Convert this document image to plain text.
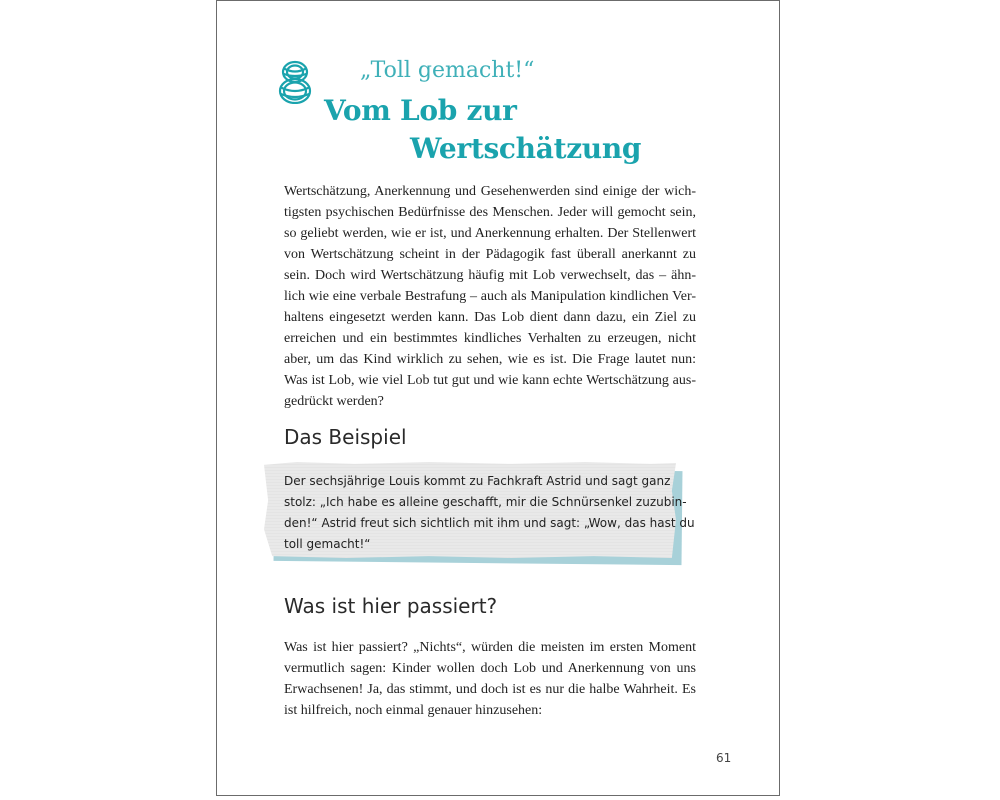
„Toll gemacht!“
Vom Lob zur
Wertschätzung
Wertschätzung, Anerkennung und Gesehenwerden sind einige der wich-
tigsten psychischen Bedürfnisse des Menschen. Jeder will gemocht sein,
so geliebt werden, wie er ist, und Anerkennung erhalten. Der Stellenwert
von Wertschätzung scheint in der Pädagogik fast überall anerkannt zu
sein. Doch wird Wertschätzung häufig mit Lob verwechselt, das – ähn-
lich wie eine verbale Bestrafung – auch als Manipulation kindlichen Ver-
haltens eingesetzt werden kann. Das Lob dient dann dazu, ein Ziel zu
erreichen und ein bestimmtes kindliches Verhalten zu erzeugen, nicht
aber, um das Kind wirklich zu sehen, wie es ist. Die Frage lautet nun:
Was ist Lob, wie viel Lob tut gut und wie kann echte Wertschätzung aus-
gedrückt werden?
Das Beispiel
Der sechsjährige Louis kommt zu Fachkraft Astrid und sagt ganz
stolz: „Ich habe es alleine geschafft, mir die Schnürsenkel zuzubin-
den!“ Astrid freut sich sichtlich mit ihm und sagt: „Wow, das hast du
toll gemacht!“
Was ist hier passiert?
Was ist hier passiert? „Nichts“, würden die meisten im ersten Moment
vermutlich sagen: Kinder wollen doch Lob und Anerkennung von uns
Erwachsenen! Ja, das stimmt, und doch ist es nur die halbe Wahrheit. Es
ist hilfreich, noch einmal genauer hinzusehen:
61
